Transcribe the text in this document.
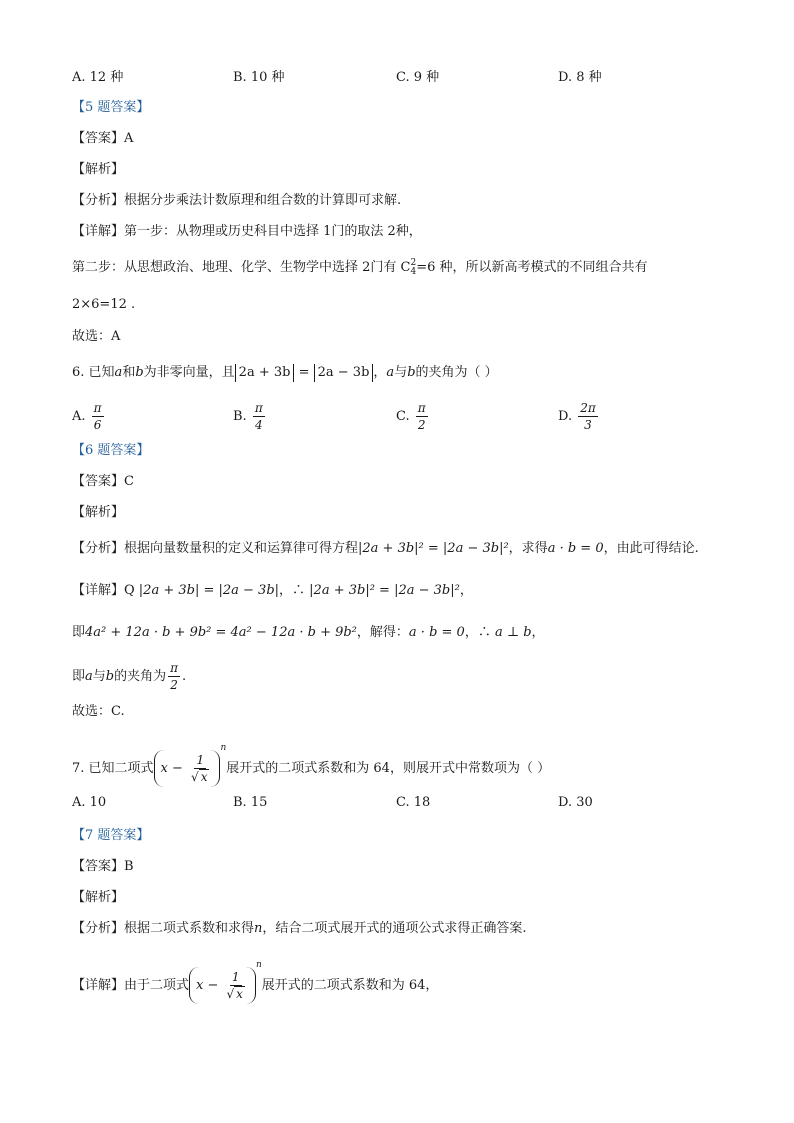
A. 12 种	B. 10 种	C. 9 种	D. 8 种
【5 题答案】
【答案】A
【解析】
【分析】根据分步乘法计数原理和组合数的计算即可求解.
【详解】第一步：从物理或历史科目中选择 1门的取法 2种，
第二步：从思想政治、地理、化学、生物学中选择 2门有 C 2
4 =6 种，所以新高考模式的不同组合共有
2×6=12 .
故选：A
6. 已知a和b为非零向量，且 2a + 3b = 2a − 3b ，a与b的夹角为（ ）
A. $\frac{\pi}{6}$	B. $\frac{\pi}{4}$	C. $\frac{\pi}{2}$	D. $\frac{2\pi}{3}$
【6 题答案】
【答案】C
【解析】
【分析】根据向量数量积的定义和运算律可得方程|2a + 3b|² = |2a − 3b|²，求得a · b = 0，由此可得结论.
【详解】Q |2a + 3b| = |2a − 3b|，∴ |2a + 3b|² = |2a − 3b|²，
即4a² + 12a · b + 9b² = 4a² − 12a · b + 9b²，解得：a · b = 0，∴ a ⊥ b，
即a与b的夹角为 $\frac{\pi}{2}$ .
故选：C.
7. 已知二项式 $x - \frac{1}{√ x}$
$^n$展开式的二项式系数和为 64，则展开式中常数项为（ ）
A. 10	B. 15	C. 18	D. 30
【7 题答案】
【答案】B
【解析】
【分析】根据二项式系数和求得n，结合二项式展开式的通项公式求得正确答案.
【详解】由于二项式 $x - \frac{1}{√ x}$
$^n$展开式的二项式系数和为 64，
